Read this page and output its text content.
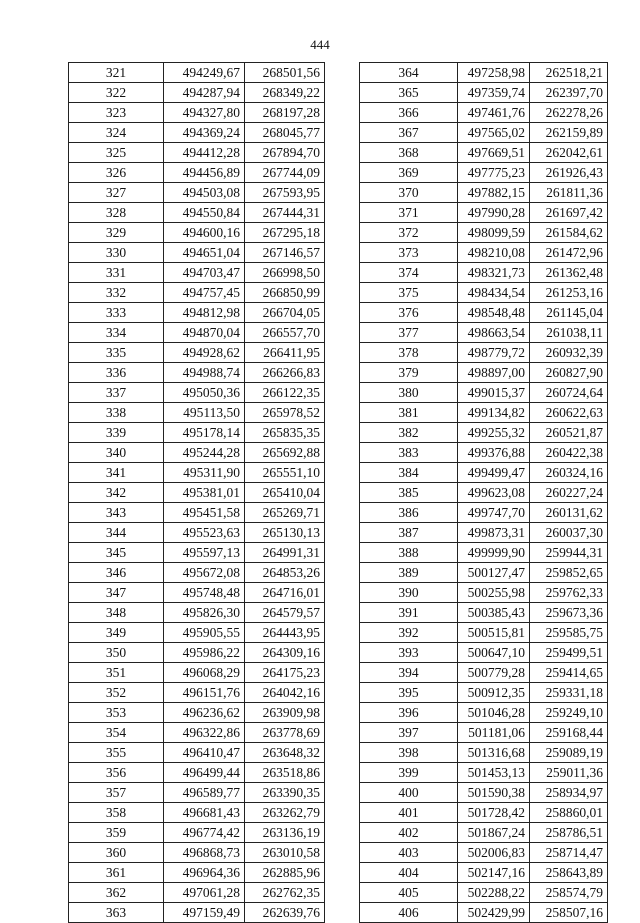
444
321	494249,67	268501,56
322	494287,94	268349,22
323	494327,80	268197,28
324	494369,24	268045,77
325	494412,28	267894,70
326	494456,89	267744,09
327	494503,08	267593,95
328	494550,84	267444,31
329	494600,16	267295,18
330	494651,04	267146,57
331	494703,47	266998,50
332	494757,45	266850,99
333	494812,98	266704,05
334	494870,04	266557,70
335	494928,62	266411,95
336	494988,74	266266,83
337	495050,36	266122,35
338	495113,50	265978,52
339	495178,14	265835,35
340	495244,28	265692,88
341	495311,90	265551,10
342	495381,01	265410,04
343	495451,58	265269,71
344	495523,63	265130,13
345	495597,13	264991,31
346	495672,08	264853,26
347	495748,48	264716,01
348	495826,30	264579,57
349	495905,55	264443,95
350	495986,22	264309,16
351	496068,29	264175,23
352	496151,76	264042,16
353	496236,62	263909,98
354	496322,86	263778,69
355	496410,47	263648,32
356	496499,44	263518,86
357	496589,77	263390,35
358	496681,43	263262,79
359	496774,42	263136,19
360	496868,73	263010,58
361	496964,36	262885,96
362	497061,28	262762,35
363	497159,49	262639,76
364	497258,98	262518,21
365	497359,74	262397,70
366	497461,76	262278,26
367	497565,02	262159,89
368	497669,51	262042,61
369	497775,23	261926,43
370	497882,15	261811,36
371	497990,28	261697,42
372	498099,59	261584,62
373	498210,08	261472,96
374	498321,73	261362,48
375	498434,54	261253,16
376	498548,48	261145,04
377	498663,54	261038,11
378	498779,72	260932,39
379	498897,00	260827,90
380	499015,37	260724,64
381	499134,82	260622,63
382	499255,32	260521,87
383	499376,88	260422,38
384	499499,47	260324,16
385	499623,08	260227,24
386	499747,70	260131,62
387	499873,31	260037,30
388	499999,90	259944,31
389	500127,47	259852,65
390	500255,98	259762,33
391	500385,43	259673,36
392	500515,81	259585,75
393	500647,10	259499,51
394	500779,28	259414,65
395	500912,35	259331,18
396	501046,28	259249,10
397	501181,06	259168,44
398	501316,68	259089,19
399	501453,13	259011,36
400	501590,38	258934,97
401	501728,42	258860,01
402	501867,24	258786,51
403	502006,83	258714,47
404	502147,16	258643,89
405	502288,22	258574,79
406	502429,99	258507,16
